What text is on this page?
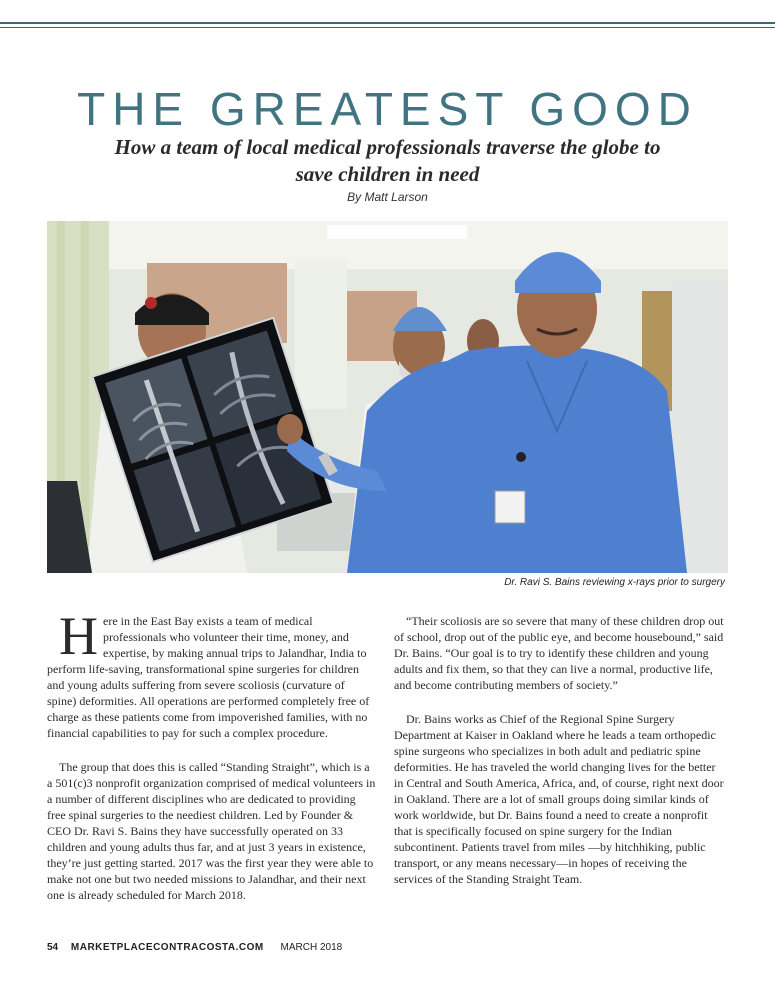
THE GREATEST GOOD
How a team of local medical professionals traverse the globe to save children in need
By Matt Larson
Dr. Ravi S. Bains reviewing x-rays prior to surgery

Here in the East Bay exists a team of medical professionals who volunteer their time, money, and expertise, by making annual trips to Jalandhar, India to perform life-saving, transformational spine surgeries for children and young adults suffering from severe scoliosis (curvature of spine) deformities. All operations are performed completely free of charge as these patients come from impoverished families, with no financial capabilities to pay for such a complex procedure.

The group that does this is called “Standing Straight”, which is a a 501(c)3 nonprofit organization comprised of medical volunteers in a number of different disciplines who are dedicated to providing free spinal surgeries to the neediest children. Led by Founder & CEO Dr. Ravi S. Bains they have successfully operated on 33 children and young adults thus far, and at just 3 years in existence, they’re just getting started. 2017 was the first year they were able to make not one but two needed missions to Jalandhar, and their next one is already scheduled for March 2018.

“Their scoliosis are so severe that many of these children drop out of school, drop out of the public eye, and become housebound,” said Dr. Bains. “Our goal is to try to identify these children and young adults and fix them, so that they can live a normal, productive life, and become contributing members of society.”

Dr. Bains works as Chief of the Regional Spine Surgery Department at Kaiser in Oakland where he leads a team orthopedic spine surgeons who specializes in both adult and pediatric spine deformities. He has traveled the world changing lives for the better in Central and South America, Africa, and, of course, right next door in Oakland. There are a lot of small groups doing similar kinds of work worldwide, but Dr. Bains found a need to create a nonprofit that is specifically focused on spine surgery for the Indian subcontinent. Patients travel from miles —by hitchhiking, public transport, or any means necessary—in hopes of receiving the services of the Standing Straight Team.

54 MARKETPLACECONTRACOSTA.COM MARCH 2018
